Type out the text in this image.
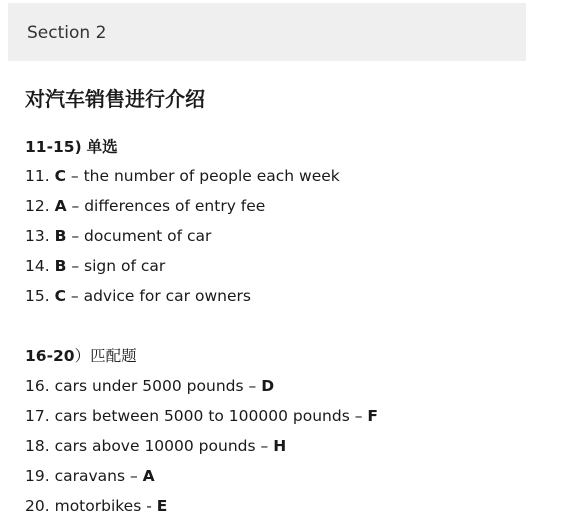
Section 2
对汽车销售进行介绍
11-15) 单选
11. C – the number of people each week
12. A – differences of entry fee
13. B – document of car
14. B – sign of car
15. C – advice for car owners
16-20）匹配题
16. cars under 5000 pounds – D
17. cars between 5000 to 100000 pounds – F
18. cars above 10000 pounds – H
19. caravans – A
20. motorbikes - E
